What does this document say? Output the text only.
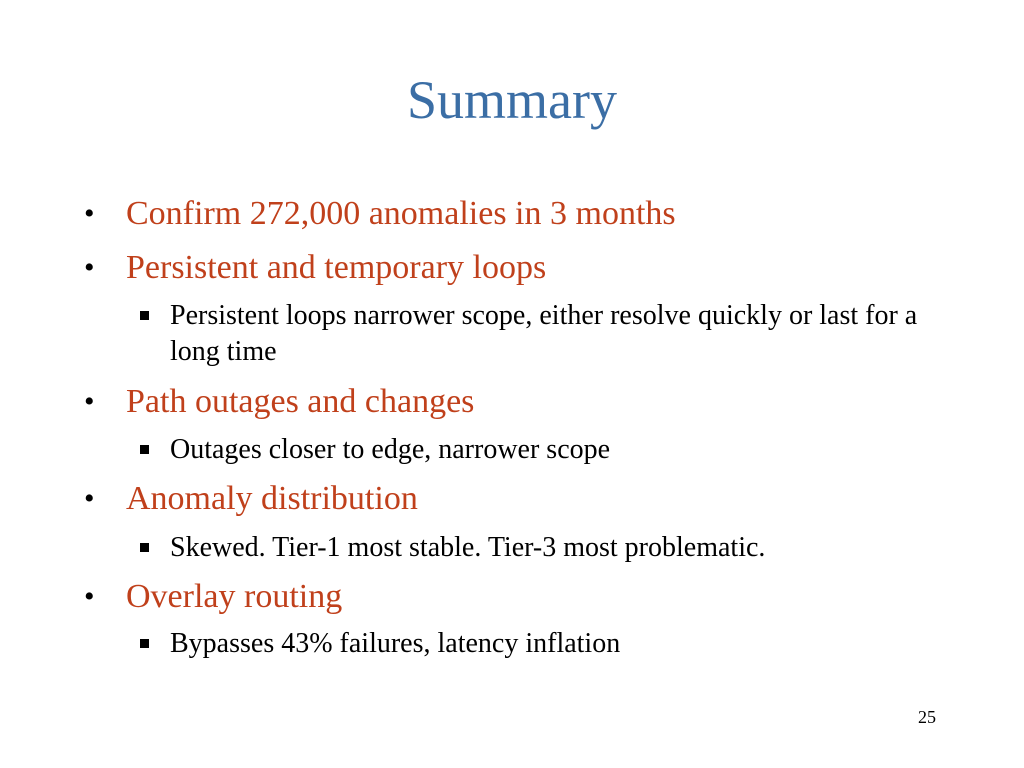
Summary
• Confirm 272,000 anomalies in 3 months
• Persistent and temporary loops
Persistent loops narrower scope, either resolve quickly or last for a long time
• Path outages and changes
Outages closer to edge, narrower scope
• Anomaly distribution
Skewed. Tier-1 most stable. Tier-3 most problematic.
• Overlay routing
Bypasses 43% failures, latency inflation
25
